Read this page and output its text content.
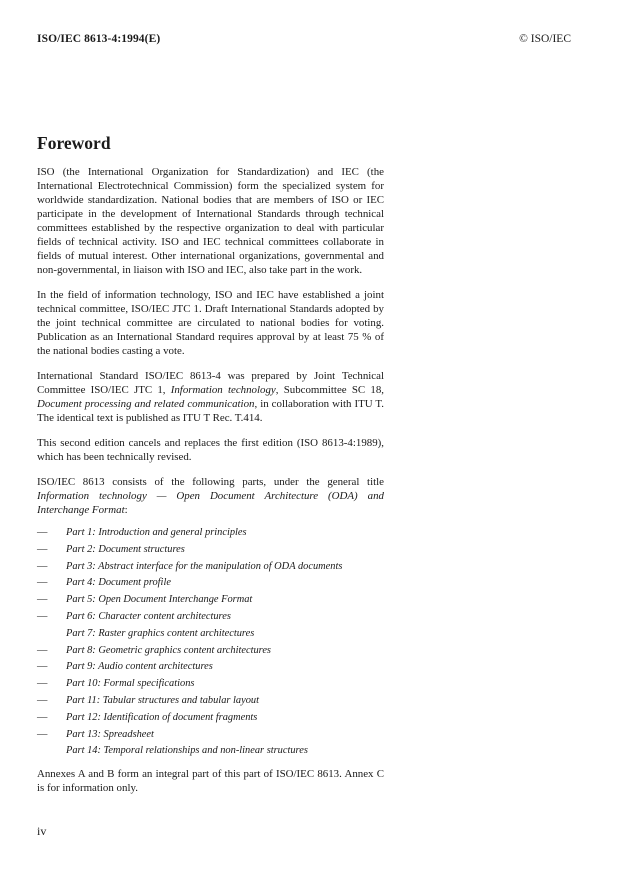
ISO/IEC 8613-4:1994(E)	© ISO/IEC
Foreword

ISO (the International Organization for Standardization) and IEC (the International Electrotechnical Commission) form the specialized system for worldwide standardization. National bodies that are members of ISO or IEC participate in the development of International Standards through technical committees established by the respective organization to deal with particular fields of technical activity. ISO and IEC technical committees collaborate in fields of mutual interest. Other international organizations, governmental and non-governmental, in liaison with ISO and IEC, also take part in the work.

In the field of information technology, ISO and IEC have established a joint technical committee, ISO/IEC JTC 1. Draft International Standards adopted by the joint technical committee are circulated to national bodies for voting. Publication as an International Standard requires approval by at least 75 % of the national bodies casting a vote.

International Standard ISO/IEC 8613-4 was prepared by Joint Technical Committee ISO/IEC JTC 1, Information technology, Subcommittee SC 18, Document processing and related communication, in collaboration with ITU T. The identical text is published as ITU T Rec. T.414.

This second edition cancels and replaces the first edition (ISO 8613-4:1989), which has been technically revised.

ISO/IEC 8613 consists of the following parts, under the general title Information technology — Open Document Architecture (ODA) and Interchange Format:

— Part 1: Introduction and general principles
— Part 2: Document structures
— Part 3: Abstract interface for the manipulation of ODA documents
— Part 4: Document profile
— Part 5: Open Document Interchange Format
— Part 6: Character content architectures
Part 7: Raster graphics content architectures
— Part 8: Geometric graphics content architectures
— Part 9: Audio content architectures
— Part 10: Formal specifications
— Part 11: Tabular structures and tabular layout
— Part 12: Identification of document fragments
— Part 13: Spreadsheet
Part 14: Temporal relationships and non-linear structures

Annexes A and B form an integral part of this part of ISO/IEC 8613. Annex C is for information only.

iv
